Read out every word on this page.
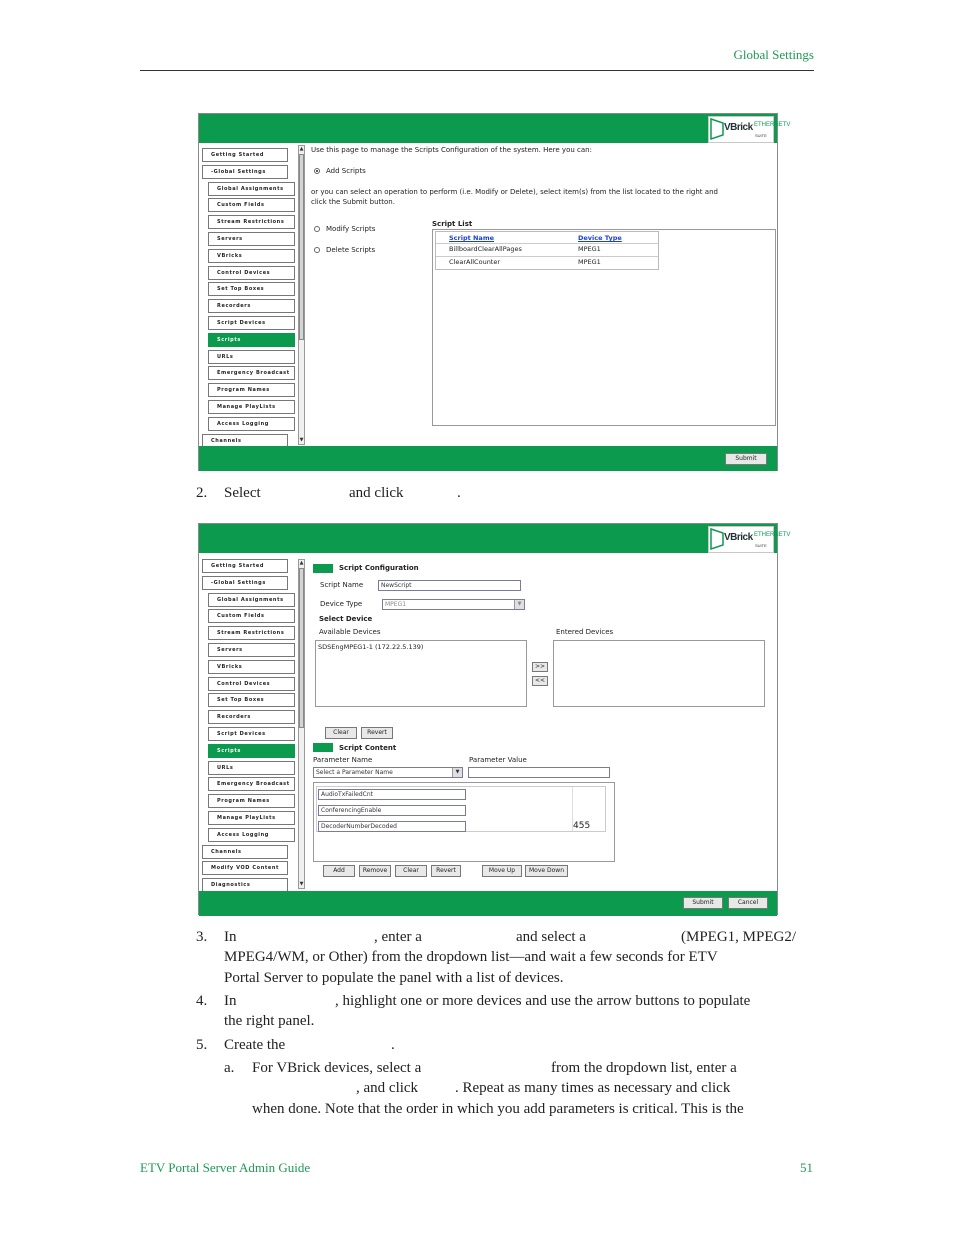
Global Settings
VBrick ETHERNETV
SUITE
Getting Started
-Global Settings
Global Assignments
Custom Fields
Stream Restrictions
Servers
VBricks
Control Devices
Set Top Boxes
Recorders
Script Devices
Scripts
URLs
Emergency Broadcast
Program Names
Manage PlayLists
Access Logging
Channels
▲
▼
Use this page to manage the Scripts Configuration of the system. Here you can:
Add Scripts
or you can select an operation to perform (i.e. Modify or Delete), select item(s) from the list located to the right and
click the Submit button.
Modify Scripts
Delete Scripts
Script List
Script Name	Device Type
BillboardClearAllPages	MPEG1
ClearAllCounter	MPEG1
Submit
2. Select	and click	.
VBrick ETHERNETV
SUITE
Getting Started
-Global Settings
Global Assignments
Custom Fields
Stream Restrictions
Servers
VBricks
Control Devices
Set Top Boxes
Recorders
Script Devices
Scripts
URLs
Emergency Broadcast
Program Names
Manage PlayLists
Access Logging
Channels
Modify VOD Content
Diagnostics
▲
▼
Script Configuration
Script Name	NewScript
Device Type	MPEG1	▼
Select Device
Available Devices	Entered Devices
SDSEngMPEG1-1 (172.22.5.139)
>>
<<
Clear	Revert
Script Content
Parameter Name	Parameter Value
Select a Parameter Name	▼
AudioTxFailedCnt
ConferencingEnable
DecoderNumberDecoded	455
Add	Remove	Clear	Revert	Move Up	Move Down
Submit	Cancel
3. In	, enter a	and select a	(MPEG1, MPEG2/
MPEG4/WM, or Other) from the dropdown list—and wait a few seconds for ETV
Portal Server to populate the panel with a list of devices.
4. In	, highlight one or more devices and use the arrow buttons to populate
the right panel.
5. Create the	.
a. For VBrick devices, select a	from the dropdown list, enter a
, and click . Repeat as many times as necessary and click
when done. Note that the order in which you add parameters is critical. This is the
ETV Portal Server Admin Guide	51
